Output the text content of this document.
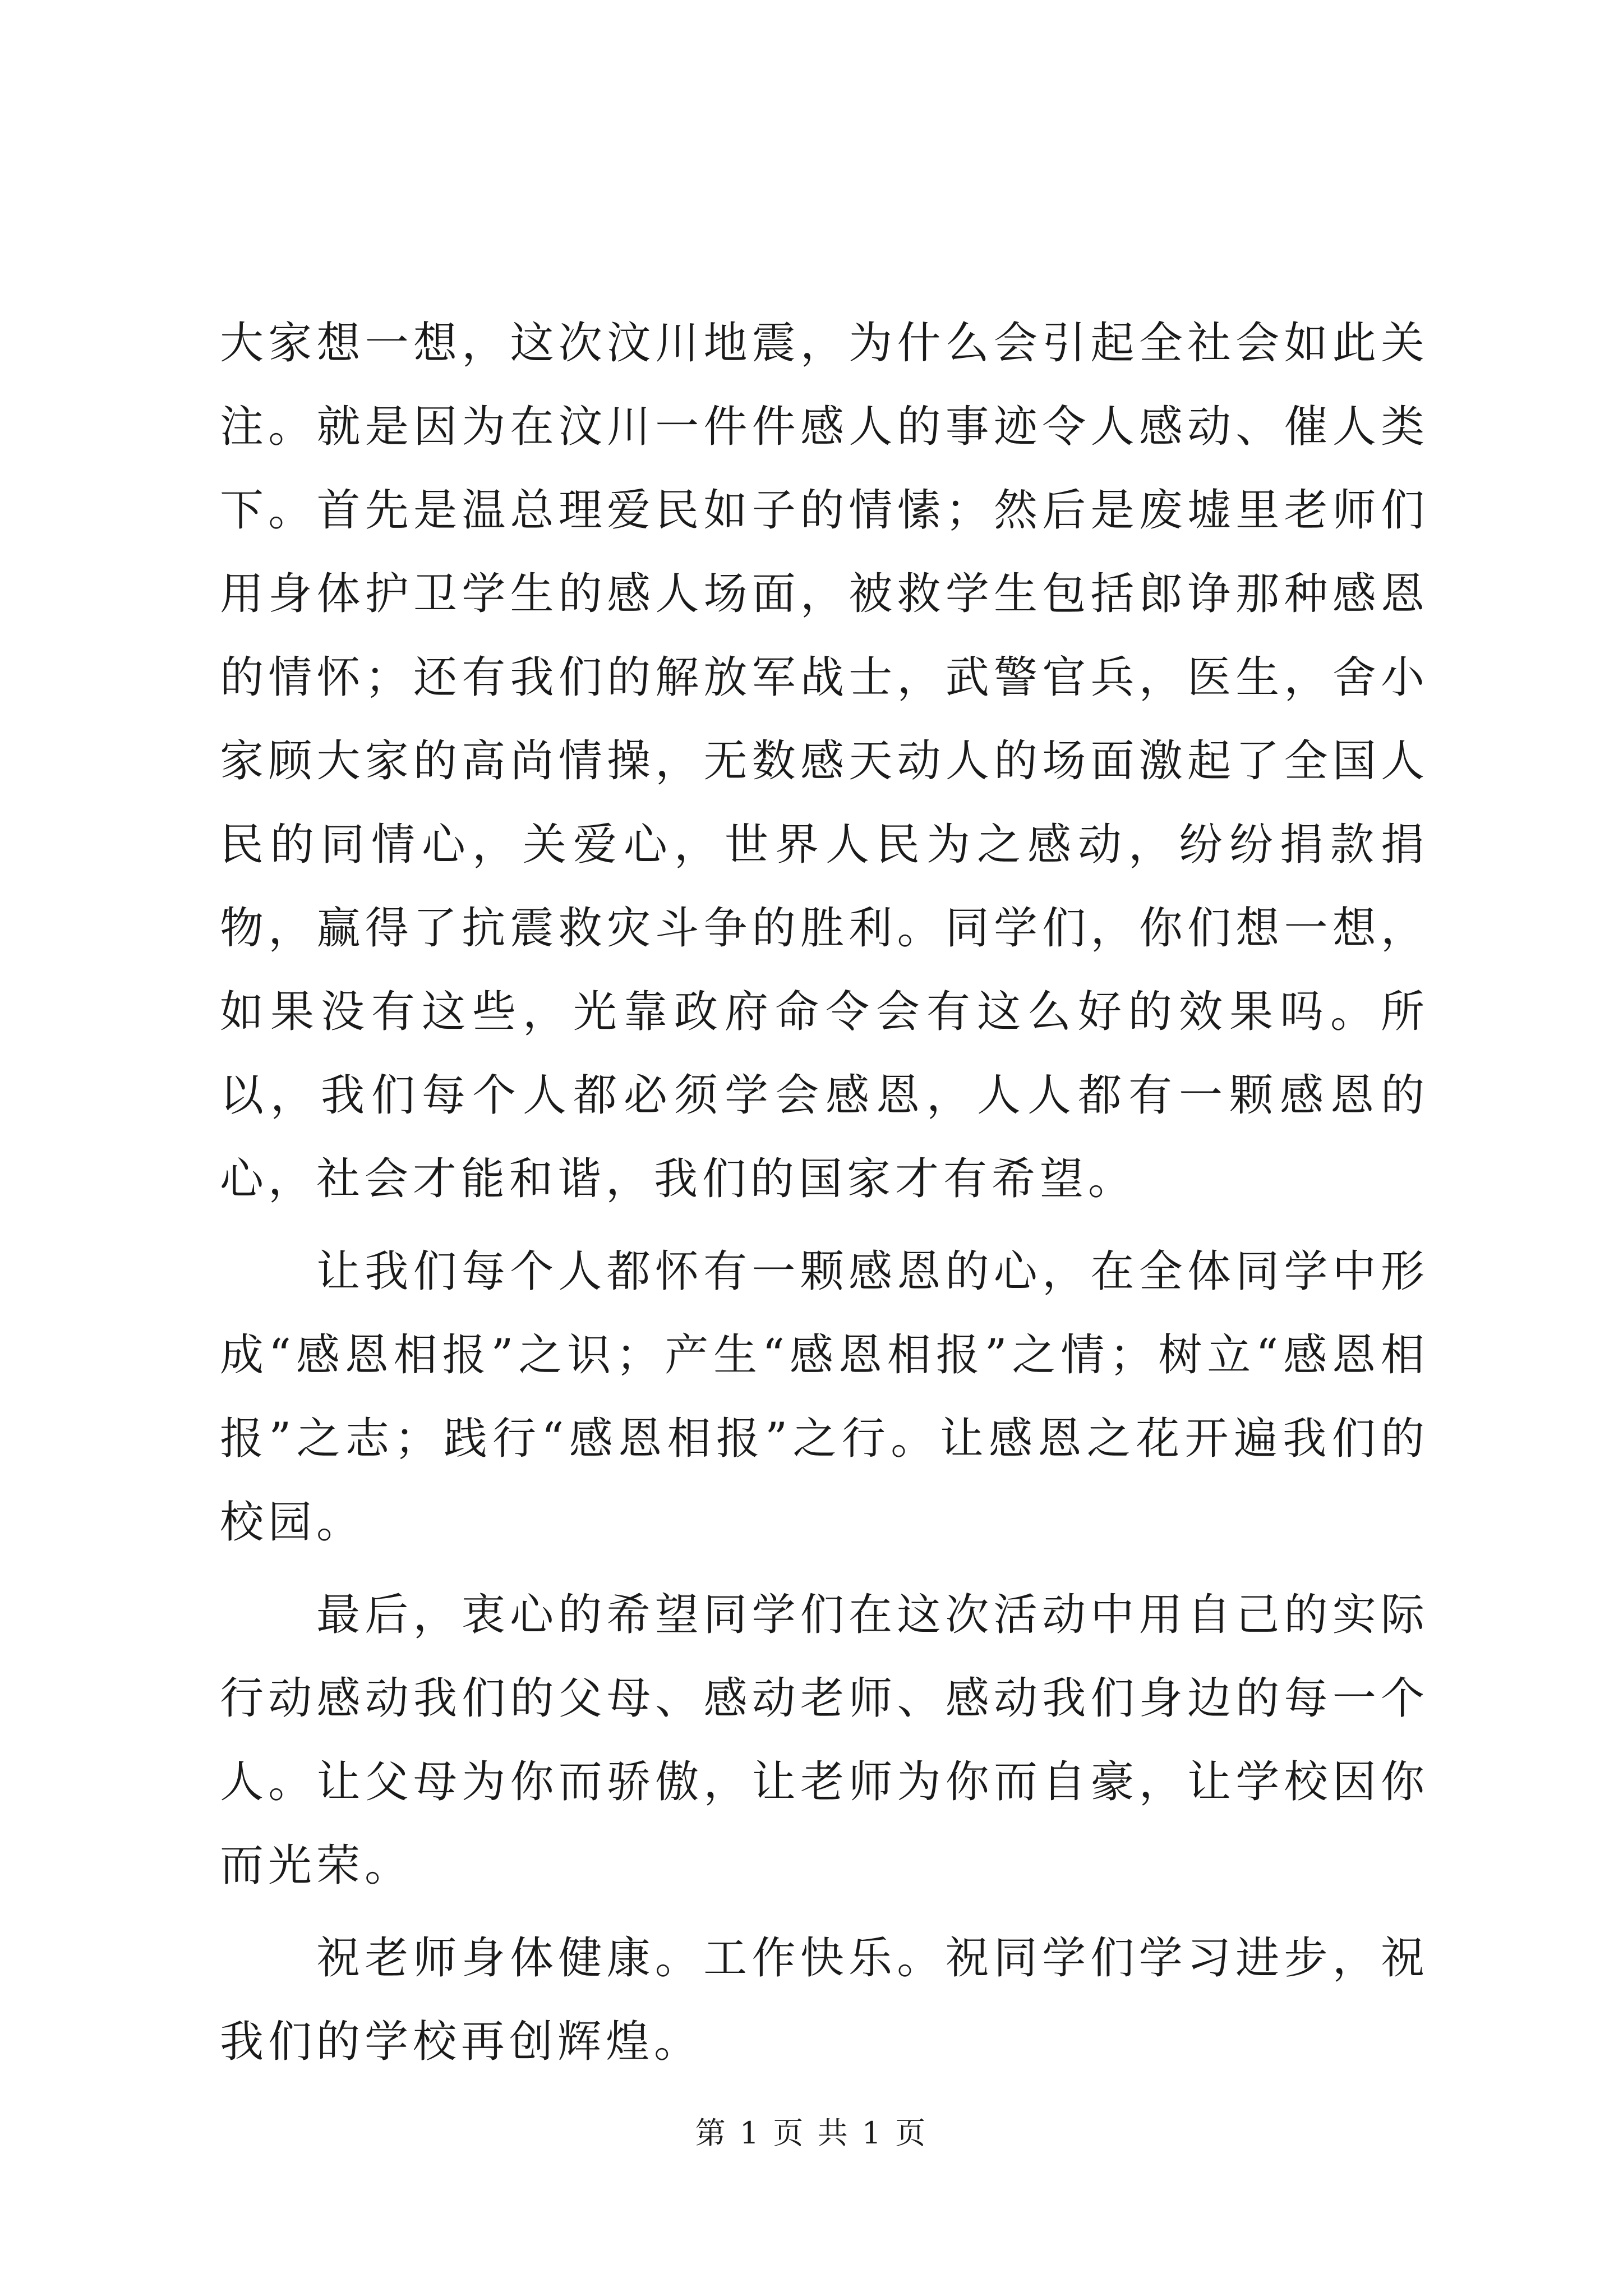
大家想一想，这次汶川地震，为什么会引起全社会如此关注。就是因为在汶川一件件感人的事迹令人感动、催人类下。首先是温总理爱民如子的情愫；然后是废墟里老师们用身体护卫学生的感人场面，被救学生包括郎诤那种感恩的情怀；还有我们的解放军战士，武警官兵，医生，舍小家顾大家的高尚情操，无数感天动人的场面激起了全国人民的同情心，关爱心，世界人民为之感动，纷纷捐款捐物，赢得了抗震救灾斗争的胜利。同学们，你们想一想，如果没有这些，光靠政府命令会有这么好的效果吗。所以，我们每个人都必须学会感恩，人人都有一颗感恩的心，社会才能和谐，我们的国家才有希望。

让我们每个人都怀有一颗感恩的心，在全体同学中形成“感恩相报”之识；产生“感恩相报”之情；树立“感恩相报”之志；践行“感恩相报”之行。让感恩之花开遍我们的校园。

最后，衷心的希望同学们在这次活动中用自己的实际行动感动我们的父母、感动老师、感动我们身边的每一个人。让父母为你而骄傲，让老师为你而自豪，让学校因你而光荣。

祝老师身体健康。工作快乐。祝同学们学习进步，祝我们的学校再创辉煌。

第 1 页 共 1 页
